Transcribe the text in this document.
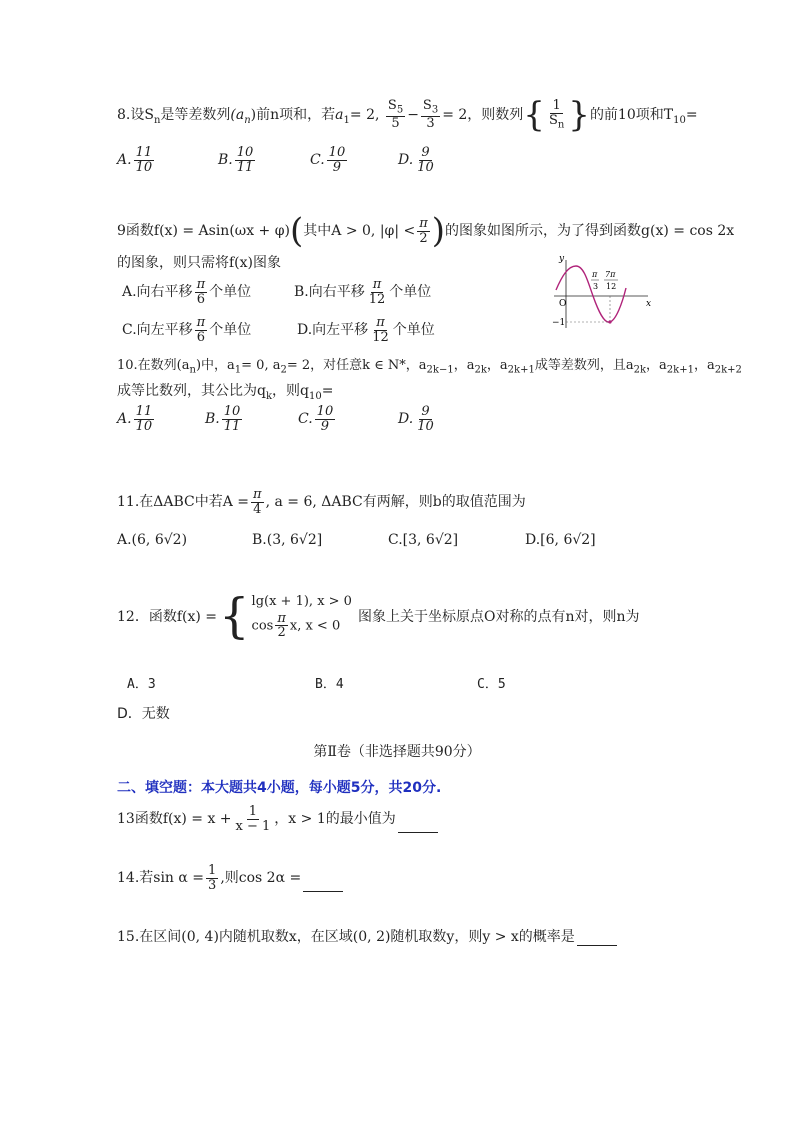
8.设$S_n$是等差数列$(a_n)$前n项和，若$a_1= 2$, $\frac{S_5}{5} - \frac{S_3}{3} = 2$，则数列{ $\frac{1}{S_n}$ }的前10项和$T_{10}=$
A. $\frac{11}{10}$	B. $\frac{10}{11}$	C. $\frac{10}{9}$	D. $\frac{9}{10}$
9函数f(x) = Asin(ωx + φ)(其中A > 0, $|\varphi| < \frac{\pi}{2}$ )的图象如图所示，为了得到函数g(x) = cos 2x
的图象，则只需将f(x)图象
A.向右平移 $\frac{\pi}{6}$ 个单位	B.向右平移 $\frac{\pi}{12}$ 个单位
C.向左平移 $\frac{\pi}{6}$ 个单位	D.向左平移 $\frac{\pi}{12}$ 个单位
y
x
O
−1
π
3
7π
12
10.在数列$(a_n)$中，$a_1= 0$, $a_2= 2$，对任意k ∈ N*，$a_{2k-1}$，$a_{2k}$，$a_{2k+1}$成等差数列，且$a_{2k}$，$a_{2k+1}$，$a_{2k+2}$
成等比数列，其公比为$q_k$，则$q_{10}=$
A. $\frac{11}{10}$	B. $\frac{10}{11}$	C. $\frac{10}{9}$	D. $\frac{9}{10}$
11.在ΔABC中若$A = \frac{\pi}{4}$ , a = 6, ΔABC有两解，则b的取值范围为
A.(6, 6√2)	B.(3, 6√2]	C.[3, 6√2]	D.[6, 6√2]
12．函数f(x) = { lg(x + 1), x > 0
$\cos \frac{\pi}{2} x$, x < 0
图象上关于坐标原点O对称的点有n对，则n为
A．3	B．4	C．5
D．无数
第Ⅱ卷（非选择题共90分）
二、填空题：本大题共4小题，每小题5分，共20分.
13函数$f(x) = x + \frac{1}{x - 1}$ ，x > 1的最小值为
14.若$\sin \alpha = \frac{1}{3}$ ,则cos 2α =
15.在区间(0, 4)内随机取数x，在区域(0, 2)随机取数y，则y > x的概率是
